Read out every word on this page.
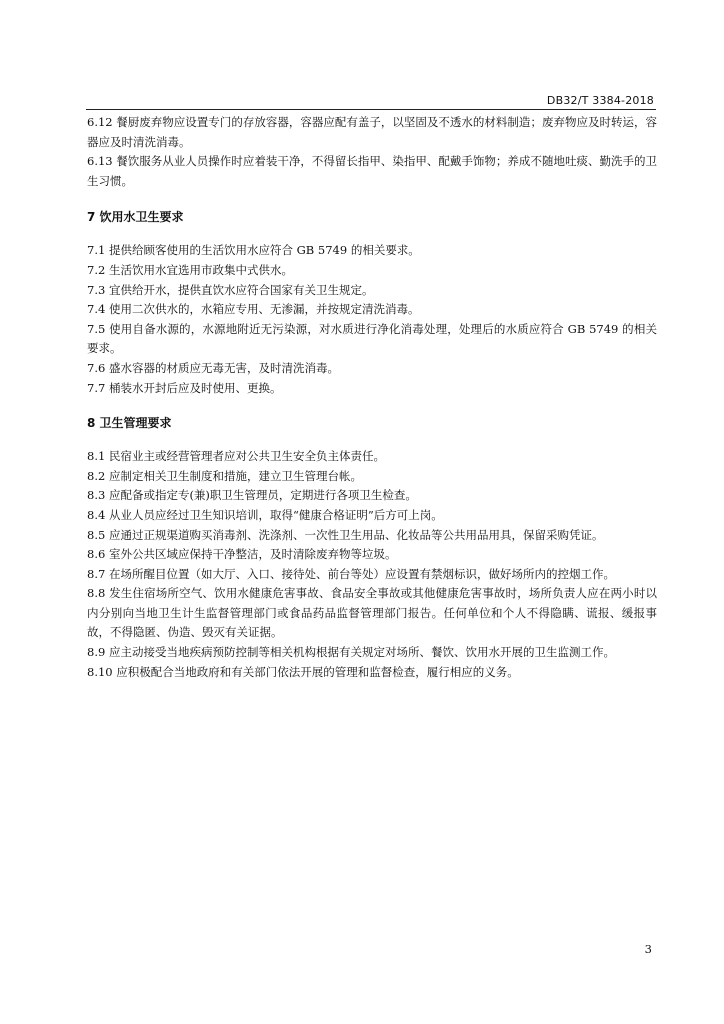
DB32/T 3384-2018

6.12 餐厨废弃物应设置专门的存放容器，容器应配有盖子，以坚固及不透水的材料制造；废弃物应及时转运，容器应及时清洗消毒。

6.13 餐饮服务从业人员操作时应着装干净，不得留长指甲、染指甲、配戴手饰物；养成不随地吐痰、勤洗手的卫生习惯。

7 饮用水卫生要求

7.1 提供给顾客使用的生活饮用水应符合 GB 5749 的相关要求。

7.2 生活饮用水宜选用市政集中式供水。

7.3 宜供给开水，提供直饮水应符合国家有关卫生规定。

7.4 使用二次供水的，水箱应专用、无渗漏，并按规定清洗消毒。

7.5 使用自备水源的，水源地附近无污染源，对水质进行净化消毒处理，处理后的水质应符合 GB 5749 的相关要求。

7.6 盛水容器的材质应无毒无害，及时清洗消毒。

7.7 桶装水开封后应及时使用、更换。

8 卫生管理要求

8.1 民宿业主或经营管理者应对公共卫生安全负主体责任。

8.2 应制定相关卫生制度和措施，建立卫生管理台帐。

8.3 应配备或指定专(兼)职卫生管理员，定期进行各项卫生检查。

8.4 从业人员应经过卫生知识培训，取得“健康合格证明”后方可上岗。

8.5 应通过正规渠道购买消毒剂、洗涤剂、一次性卫生用品、化妆品等公共用品用具，保留采购凭证。

8.6 室外公共区域应保持干净整洁，及时清除废弃物等垃圾。

8.7 在场所醒目位置（如大厅、入口、接待处、前台等处）应设置有禁烟标识，做好场所内的控烟工作。

8.8 发生住宿场所空气、饮用水健康危害事故、食品安全事故或其他健康危害事故时，场所负责人应在两小时以内分别向当地卫生计生监督管理部门或食品药品监督管理部门报告。任何单位和个人不得隐瞒、谎报、缓报事故，不得隐匿、伪造、毁灭有关证据。

8.9 应主动接受当地疾病预防控制等相关机构根据有关规定对场所、餐饮、饮用水开展的卫生监测工作。

8.10 应积极配合当地政府和有关部门依法开展的管理和监督检查，履行相应的义务。

3
